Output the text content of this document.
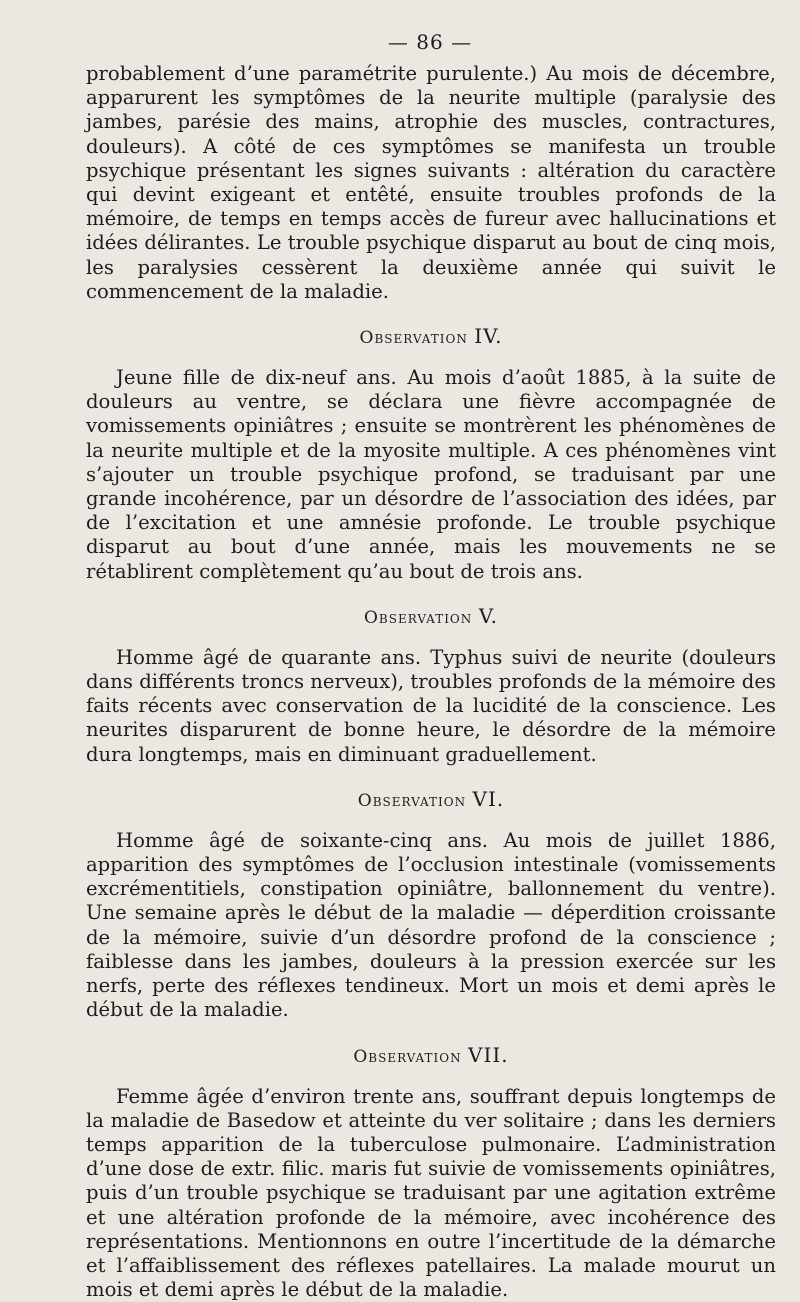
— 86 —

probablement d’une paramétrite purulente.) Au mois de décembre, apparurent les symptômes de la neurite multiple (paralysie des jambes, parésie des mains, atrophie des muscles, contractures, douleurs). A côté de ces symptômes se manifesta un trouble psychique présentant les signes suivants : altération du caractère qui devint exigeant et entêté, ensuite troubles profonds de la mémoire, de temps en temps accès de fureur avec hallucinations et idées délirantes. Le trouble psychique disparut au bout de cinq mois, les paralysies cessèrent la deuxième année qui suivit le commencement de la maladie.

Observation IV.

Jeune fille de dix-neuf ans. Au mois d’août 1885, à la suite de douleurs au ventre, se déclara une fièvre accompagnée de vomissements opiniâtres ; ensuite se montrèrent les phénomènes de la neurite multiple et de la myosite multiple. A ces phénomènes vint s’ajouter un trouble psychique profond, se traduisant par une grande incohérence, par un désordre de l’association des idées, par de l’excitation et une amnésie profonde. Le trouble psychique disparut au bout d’une année, mais les mouvements ne se rétablirent complètement qu’au bout de trois ans.

Observation V.

Homme âgé de quarante ans. Typhus suivi de neurite (douleurs dans différents troncs nerveux), troubles profonds de la mémoire des faits récents avec conservation de la lucidité de la conscience. Les neurites disparurent de bonne heure, le désordre de la mémoire dura longtemps, mais en diminuant graduellement.

Observation VI.

Homme âgé de soixante-cinq ans. Au mois de juillet 1886, apparition des symptômes de l’occlusion intestinale (vomissements excrémentitiels, constipation opiniâtre, ballonnement du ventre). Une semaine après le début de la maladie — déperdition croissante de la mémoire, suivie d’un désordre profond de la conscience ; faiblesse dans les jambes, douleurs à la pression exercée sur les nerfs, perte des réflexes tendineux. Mort un mois et demi après le début de la maladie.

Observation VII.

Femme âgée d’environ trente ans, souffrant depuis longtemps de la maladie de Basedow et atteinte du ver solitaire ; dans les derniers temps apparition de la tuberculose pulmonaire. L’administration d’une dose de extr. filic. maris fut suivie de vomissements opiniâtres, puis d’un trouble psychique se traduisant par une agitation extrême et une altération profonde de la mémoire, avec incohérence des représentations. Mentionnons en outre l’incertitude de la démarche et l’affaiblissement des réflexes patellaires. La malade mourut un mois et demi après le début de la maladie.
